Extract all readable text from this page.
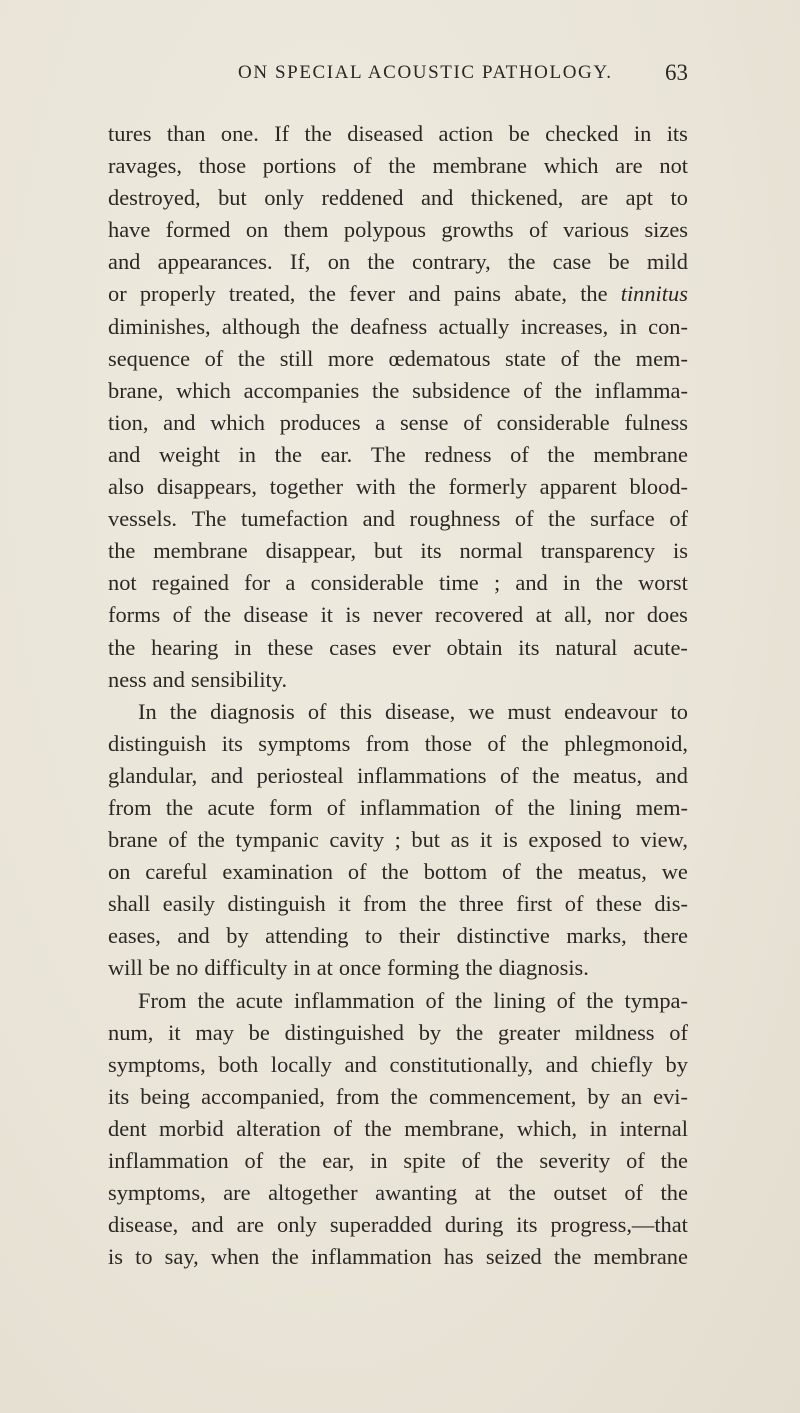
ON SPECIAL ACOUSTIC PATHOLOGY. 63
tures than one. If the diseased action be checked in its
ravages, those portions of the membrane which are not
destroyed, but only reddened and thickened, are apt to
have formed on them polypous growths of various sizes
and appearances. If, on the contrary, the case be mild
or properly treated, the fever and pains abate, the tinnitus
diminishes, although the deafness actually increases, in con-
sequence of the still more œdematous state of the mem-
brane, which accompanies the subsidence of the inflamma-
tion, and which produces a sense of considerable fulness
and weight in the ear. The redness of the membrane
also disappears, together with the formerly apparent blood-
vessels. The tumefaction and roughness of the surface of
the membrane disappear, but its normal transparency is
not regained for a considerable time ; and in the worst
forms of the disease it is never recovered at all, nor does
the hearing in these cases ever obtain its natural acute-
ness and sensibility.
In the diagnosis of this disease, we must endeavour to
distinguish its symptoms from those of the phlegmonoid,
glandular, and periosteal inflammations of the meatus, and
from the acute form of inflammation of the lining mem-
brane of the tympanic cavity ; but as it is exposed to view,
on careful examination of the bottom of the meatus, we
shall easily distinguish it from the three first of these dis-
eases, and by attending to their distinctive marks, there
will be no difficulty in at once forming the diagnosis.
From the acute inflammation of the lining of the tympa-
num, it may be distinguished by the greater mildness of
symptoms, both locally and constitutionally, and chiefly by
its being accompanied, from the commencement, by an evi-
dent morbid alteration of the membrane, which, in internal
inflammation of the ear, in spite of the severity of the
symptoms, are altogether awanting at the outset of the
disease, and are only superadded during its progress,—that
is to say, when the inflammation has seized the membrane
